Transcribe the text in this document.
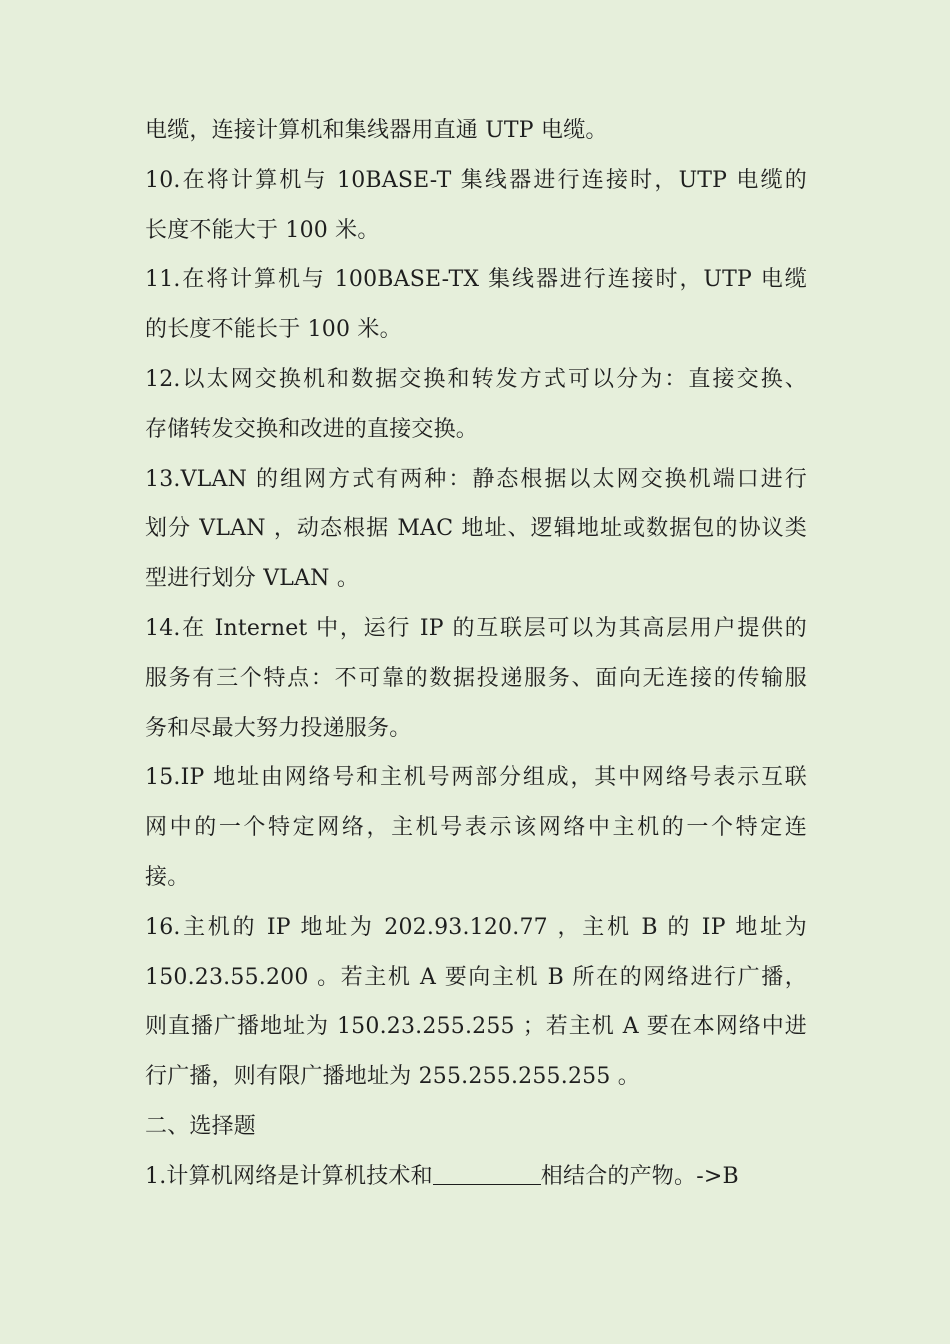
电缆，连接计算机和集线器用直通 UTP 电缆。
10.在将计算机与 10BASE-T 集线器进行连接时，UTP 电缆的
长度不能大于 100 米。
11.在将计算机与 100BASE-TX 集线器进行连接时，UTP 电缆
的长度不能长于 100 米。
12.以太网交换机和数据交换和转发方式可以分为：直接交换、
存储转发交换和改进的直接交换。
13.VLAN 的组网方式有两种：静态根据以太网交换机端口进行
划分 VLAN ，动态根据 MAC 地址、逻辑地址或数据包的协议类
型进行划分 VLAN 。
14.在 Internet 中，运行 IP 的互联层可以为其高层用户提供的
服务有三个特点：不可靠的数据投递服务、面向无连接的传输服
务和尽最大努力投递服务。
15.IP 地址由网络号和主机号两部分组成，其中网络号表示互联
网中的一个特定网络，主机号表示该网络中主机的一个特定连
接。
16.主机的 IP 地址为 202.93.120.77 ，主机 B 的 IP 地址为
150.23.55.200 。若主机 A 要向主机 B 所在的网络进行广播，
则直播广播地址为 150.23.255.255 ；若主机 A 要在本网络中进
行广播，则有限广播地址为 255.255.255.255 。
二、选择题
1.计算机网络是计算机技术和	相结合的产物。->B
